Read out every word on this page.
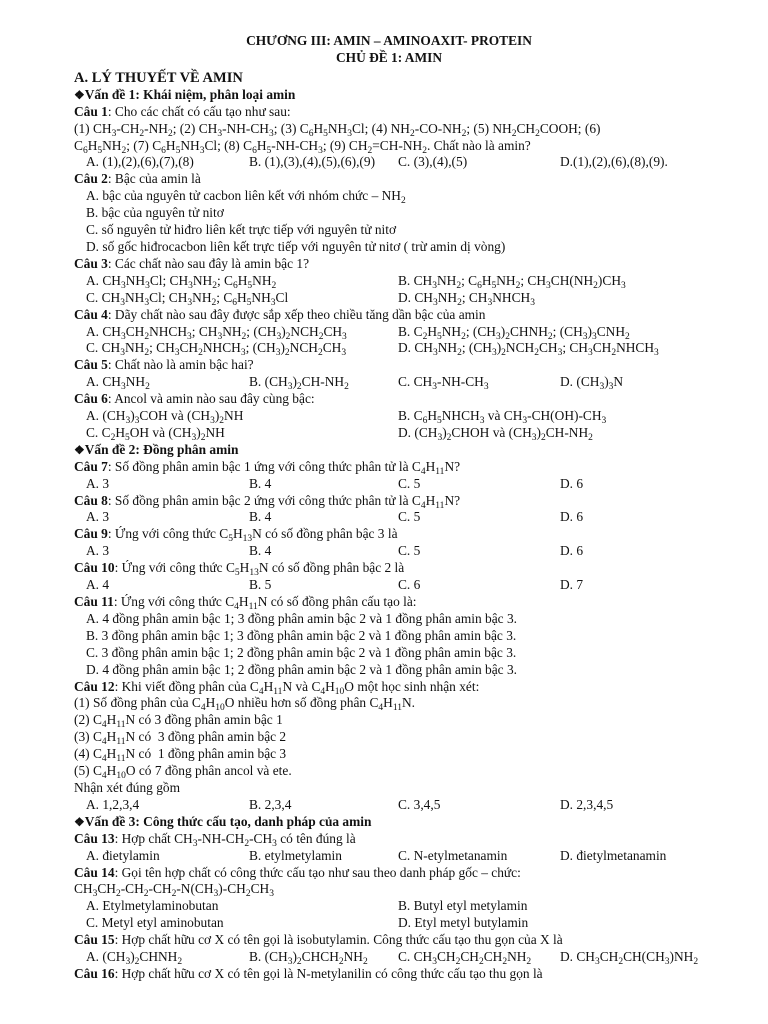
CHƯƠNG III: AMIN – AMINOAXIT- PROTEIN
CHỦ ĐỀ 1: AMIN
A. LÝ THUYẾT VỀ AMIN
❖Vấn đề 1: Khái niệm, phân loại amin
Câu 1: Cho các chất có cấu tạo như sau:
(1) $CH_3-CH_2-NH_2$; (2) $CH_3-NH-CH_3$; (3) $C_6H_5NH_3Cl$; (4) $NH_2-CO-NH_2$; (5) $NH_2CH_2COOH$; (6)
$C_6H_5NH_2$; (7) $C_6H_5NH_3Cl$; (8) $C_6H_5-NH-CH_3$; (9) $CH_2=CH-NH_2$. Chất nào là amin?
A. (1),(2),(6),(7),(8)	B. (1),(3),(4),(5),(6),(9)	C. (3),(4),(5)	D.(1),(2),(6),(8),(9).
Câu 2: Bậc của amin là
A. bậc của nguyên tử cacbon liên kết với nhóm chức – $NH_2$
B. bậc của nguyên tử nitơ
C. số nguyên tử hiđro liên kết trực tiếp với nguyên tử nitơ
D. số gốc hiđrocacbon liên kết trực tiếp với nguyên tử nitơ ( trừ amin dị vòng)
Câu 3: Các chất nào sau đây là amin bậc 1?
A. $CH_3NH_3Cl$; $CH_3NH_2$; $C_6H_5NH_2$	B. $CH_3NH_2$; $C_6H_5NH_2$; $CH_3CH(NH_2)CH_3$
C. $CH_3NH_3Cl$; $CH_3NH_2$; $C_6H_5NH_3Cl$	D. $CH_3NH_2$; $CH_3NHCH_3$
Câu 4: Dãy chất nào sau đây được sắp xếp theo chiều tăng dần bậc của amin
A. $CH_3CH_2NHCH_3$; $CH_3NH_2$; $(CH_3)_2NCH_2CH_3$	B. $C_2H_5NH_2$; $(CH_3)_2CHNH_2$; $(CH_3)_3CNH_2$
C. $CH_3NH_2$; $CH_3CH_2NHCH_3$; $(CH_3)_2NCH_2CH_3$	D. $CH_3NH_2$; $(CH_3)_2NCH_2CH_3$; $CH_3CH_2NHCH_3$
Câu 5: Chất nào là amin bậc hai?
A. $CH_3NH_2$	B. $(CH_3)_2CH-NH_2$	C. $CH_3-NH-CH_3$	D. $(CH_3)_3N$
Câu 6: Ancol và amin nào sau đây cùng bậc:
A. $(CH_3)_3COH$ và $(CH_3)_2NH$	B. $C_6H_5NHCH_3$ và $CH_3-CH(OH)-CH_3$
C. $C_2H_5OH$ và $(CH_3)_2NH$	D. $(CH_3)_2CHOH$ và $(CH_3)_2CH-NH_2$
❖Vấn đề 2: Đồng phân amin
Câu 7: Số đồng phân amin bậc 1 ứng với công thức phân tử là $C_4H_{11}N$?
A. 3	B. 4	C. 5	D. 6
Câu 8: Số đồng phân amin bậc 2 ứng với công thức phân tử là $C_4H_{11}N$?
A. 3	B. 4	C. 5	D. 6
Câu 9: Ứng với công thức $C_5H_{13}N$ có số đồng phân bậc 3 là
A. 3	B. 4	C. 5	D. 6
Câu 10: Ứng với công thức $C_5H_{13}N$ có số đồng phân bậc 2 là
A. 4	B. 5	C. 6	D. 7
Câu 11: Ứng với công thức $C_4H_{11}N$ có số đồng phân cấu tạo là:
A. 4 đồng phân amin bậc 1; 3 đồng phân amin bậc 2 và 1 đồng phân amin bậc 3.
B. 3 đồng phân amin bậc 1; 3 đồng phân amin bậc 2 và 1 đồng phân amin bậc 3.
C. 3 đồng phân amin bậc 1; 2 đồng phân amin bậc 2 và 1 đồng phân amin bậc 3.
D. 4 đồng phân amin bậc 1; 2 đồng phân amin bậc 2 và 1 đồng phân amin bậc 3.
Câu 12: Khi viết đồng phân của $C_4H_{11}N$ và $C_4H_{10}O$ một học sinh nhận xét:
(1) Số đồng phân của $C_4H_{10}O$ nhiều hơn số đồng phân $C_4H_{11}N$.
(2) $C_4H_{11}N$ có 3 đồng phân amin bậc 1
(3) $C_4H_{11}N$ có  3 đồng phân amin bậc 2
(4) $C_4H_{11}N$ có  1 đồng phân amin bậc 3
(5) $C_4H_{10}O$ có 7 đồng phân ancol và ete.
Nhận xét đúng gồm
A. 1,2,3,4	B. 2,3,4	C. 3,4,5	D. 2,3,4,5
❖Vấn đề 3: Công thức cấu tạo, danh pháp của amin
Câu 13: Hợp chất $CH_3-NH-CH_2-CH_3$ có tên đúng là
A. đietylamin	B. etylmetylamin	C. N-etylmetanamin	D. đietylmetanamin
Câu 14: Gọi tên hợp chất có công thức cấu tạo như sau theo danh pháp gốc – chức:
$CH_3CH_2-CH_2-CH_2-N(CH_3)-CH_2CH_3$
A. Etylmetylaminobutan	B. Butyl etyl metylamin
C. Metyl etyl aminobutan	D. Etyl metyl butylamin
Câu 15: Hợp chất hữu cơ X có tên gọi là isobutylamin. Công thức cấu tạo thu gọn của X là
A. $(CH_3)_2CHNH_2$	B. $(CH_3)_2CHCH_2NH_2$	C. $CH_3CH_2CH_2CH_2NH_2$	D. $CH_3CH_2CH(CH_3)NH_2$
Câu 16: Hợp chất hữu cơ X có tên gọi là N-metylanilin có công thức cấu tạo thu gọn là
